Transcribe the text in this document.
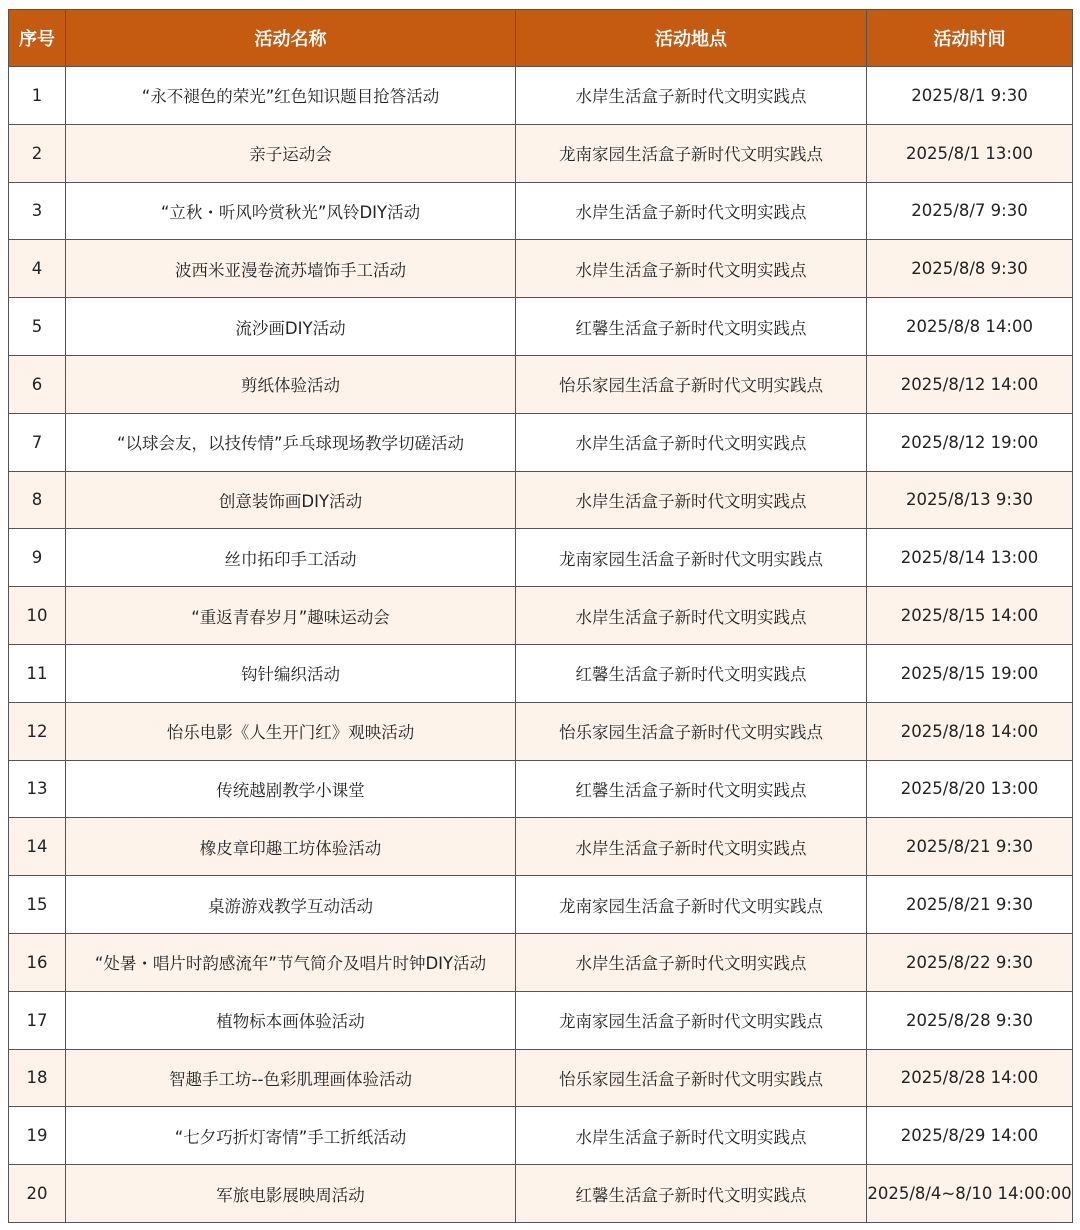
序号	活动名称	活动地点	活动时间
1	“永不褪色的荣光”红色知识题目抢答活动	水岸生活盒子新时代文明实践点	2025/8/1 9:30
2	亲子运动会	龙南家园生活盒子新时代文明实践点	2025/8/1 13:00
3	“立秋・听风吟赏秋光”风铃DIY活动	水岸生活盒子新时代文明实践点	2025/8/7 9:30
4	波西米亚漫卷流苏墙饰手工活动	水岸生活盒子新时代文明实践点	2025/8/8 9:30
5	流沙画DIY活动	红馨生活盒子新时代文明实践点	2025/8/8 14:00
6	剪纸体验活动	怡乐家园生活盒子新时代文明实践点	2025/8/12 14:00
7	“以球会友，以技传情”乒乓球现场教学切磋活动	水岸生活盒子新时代文明实践点	2025/8/12 19:00
8	创意装饰画DIY活动	水岸生活盒子新时代文明实践点	2025/8/13 9:30
9	丝巾拓印手工活动	龙南家园生活盒子新时代文明实践点	2025/8/14 13:00
10	“重返青春岁月”趣味运动会	水岸生活盒子新时代文明实践点	2025/8/15 14:00
11	钩针编织活动	红馨生活盒子新时代文明实践点	2025/8/15 19:00
12	怡乐电影《人生开门红》观映活动	怡乐家园生活盒子新时代文明实践点	2025/8/18 14:00
13	传统越剧教学小课堂	红馨生活盒子新时代文明实践点	2025/8/20 13:00
14	橡皮章印趣工坊体验活动	水岸生活盒子新时代文明实践点	2025/8/21 9:30
15	桌游游戏教学互动活动	龙南家园生活盒子新时代文明实践点	2025/8/21 9:30
16	“处暑・唱片时韵感流年”节气简介及唱片时钟DIY活动	水岸生活盒子新时代文明实践点	2025/8/22 9:30
17	植物标本画体验活动	龙南家园生活盒子新时代文明实践点	2025/8/28 9:30
18	智趣手工坊--色彩肌理画体验活动	怡乐家园生活盒子新时代文明实践点	2025/8/28 14:00
19	“七夕巧折灯寄情”手工折纸活动	水岸生活盒子新时代文明实践点	2025/8/29 14:00
20	军旅电影展映周活动	红馨生活盒子新时代文明实践点	2025/8/4~8/10 14:00:00
